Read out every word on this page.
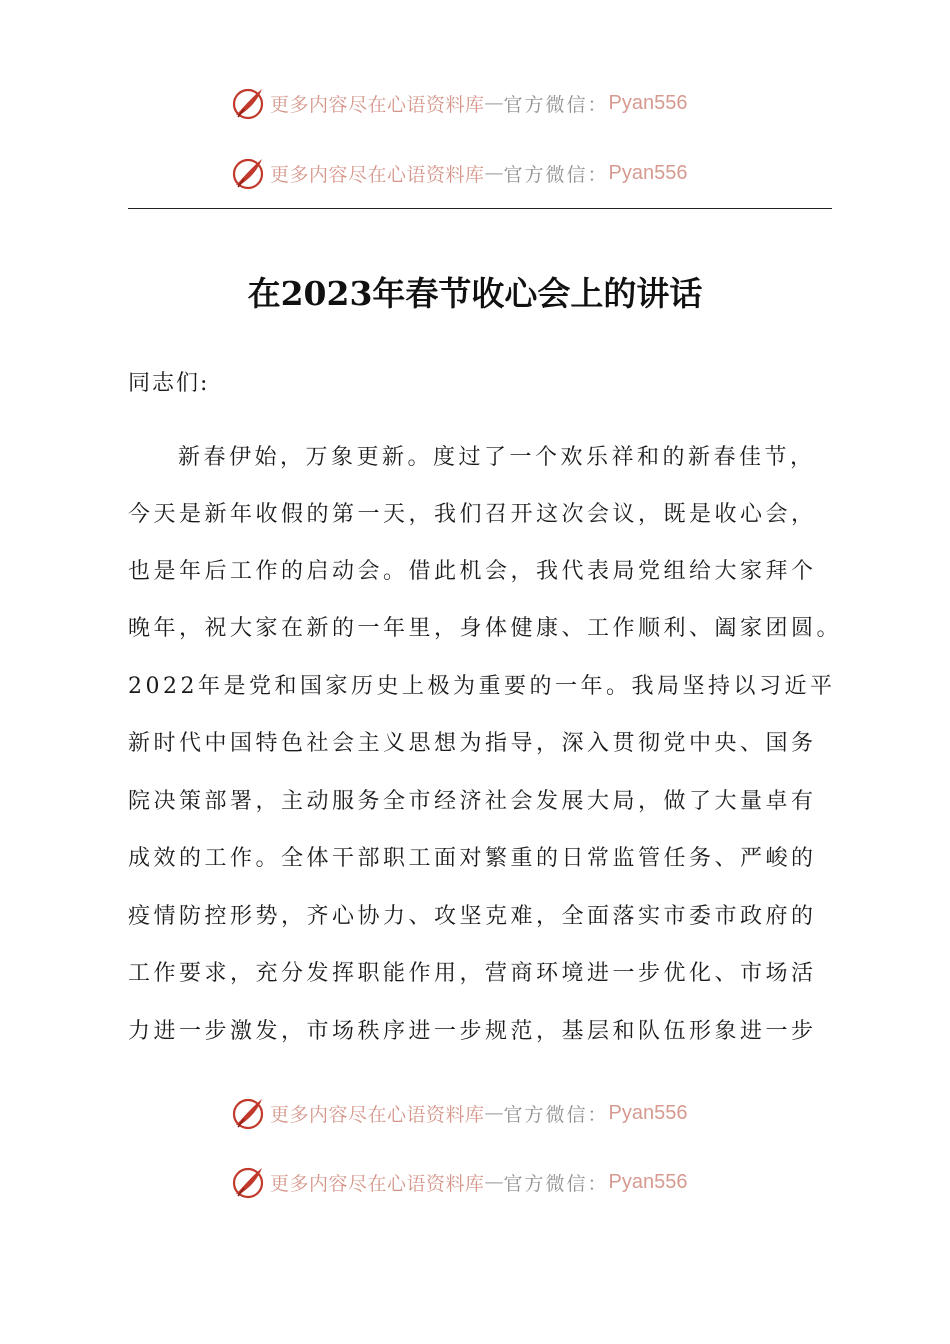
更多内容尽在心语资料库 — 官方微信： Pyan556
更多内容尽在心语资料库 — 官方微信： Pyan556
在2023年春节收心会上的讲话

同志们:

新春伊始，万象更新。度过了一个欢乐祥和的新春佳节，

今天是新年收假的第一天，我们召开这次会议，既是收心会，

也是年后工作的启动会。借此机会，我代表局党组给大家拜个

晚年，祝大家在新的一年里，身体健康、工作顺利、阖家团圆。

2022年是党和国家历史上极为重要的一年。我局坚持以习近平

新时代中国特色社会主义思想为指导，深入贯彻党中央、国务

院决策部署，主动服务全市经济社会发展大局，做了大量卓有

成效的工作。全体干部职工面对繁重的日常监管任务、严峻的

疫情防控形势，齐心协力、攻坚克难，全面落实市委市政府的

工作要求，充分发挥职能作用，营商环境进一步优化、市场活

力进一步激发，市场秩序进一步规范，基层和队伍形象进一步

更多内容尽在心语资料库 — 官方微信： Pyan556
更多内容尽在心语资料库 — 官方微信： Pyan556
